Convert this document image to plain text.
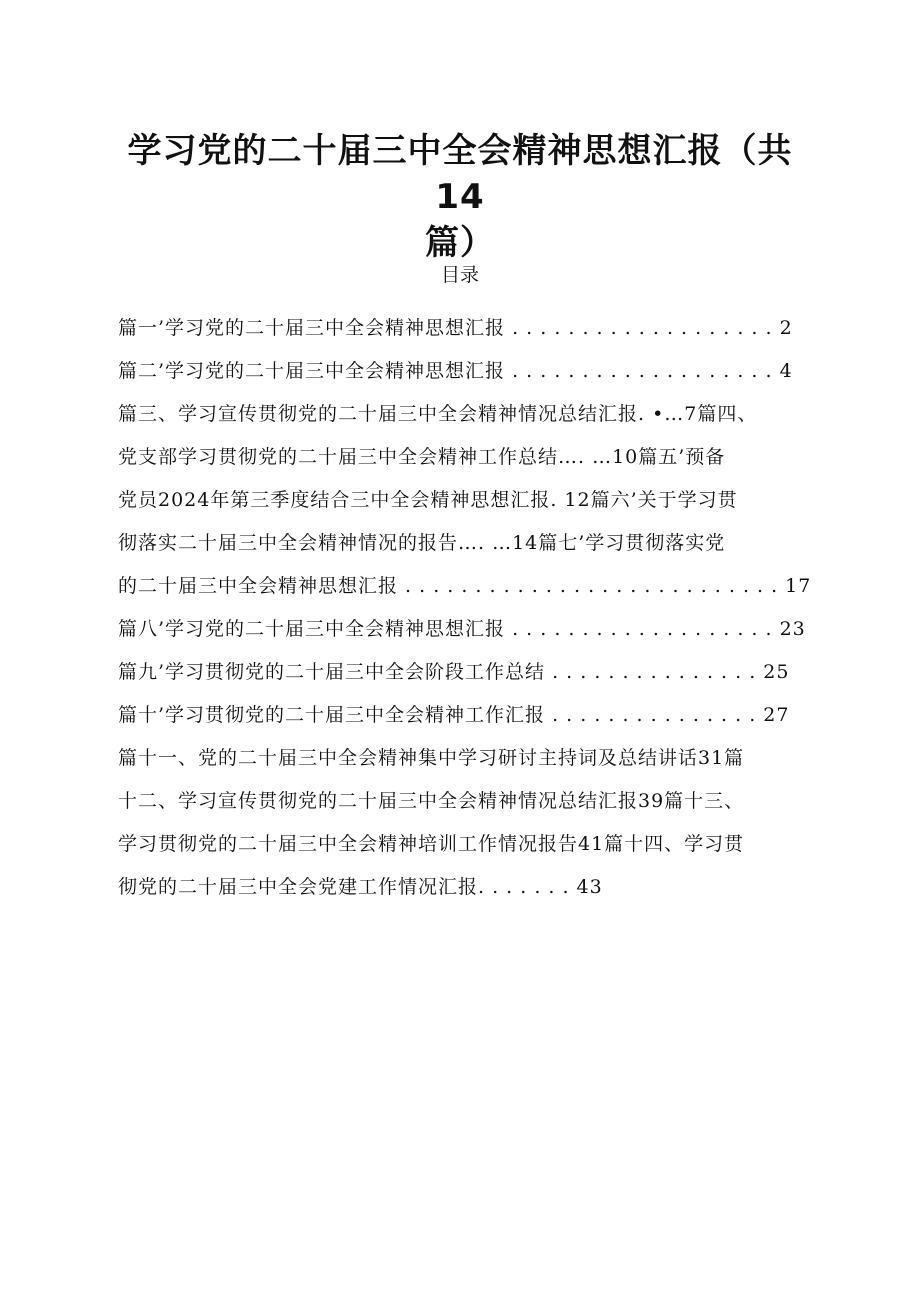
学习党的二十届三中全会精神思想汇报（共14
篇）
目录
篇一’学习党的二十届三中全会精神思想汇报 . . . . . . . . . . . . . . . . . . . 2
篇二’学习党的二十届三中全会精神思想汇报 . . . . . . . . . . . . . . . . . . . 4
篇三、学习宣传贯彻党的二十届三中全会精神情况总结汇报. •…7篇四、
党支部学习贯彻党的二十届三中全会精神工作总结…. …10篇五’预备
党员2024年第三季度结合三中全会精神思想汇报. 12篇六’关于学习贯
彻落实二十届三中全会精神情况的报告…. …14篇七’学习贯彻落实党
的二十届三中全会精神思想汇报 . . . . . . . . . . . . . . . . . . . . . . . . . . . 17
篇八’学习党的二十届三中全会精神思想汇报 . . . . . . . . . . . . . . . . . . . 23
篇九’学习贯彻党的二十届三中全会阶段工作总结 . . . . . . . . . . . . . . . 25
篇十’学习贯彻党的二十届三中全会精神工作汇报 . . . . . . . . . . . . . . . 27
篇十一、党的二十届三中全会精神集中学习研讨主持词及总结讲话31篇
十二、学习宣传贯彻党的二十届三中全会精神情况总结汇报39篇十三、
学习贯彻党的二十届三中全会精神培训工作情况报告41篇十四、学习贯
彻党的二十届三中全会党建工作情况汇报. . . . . . . 43
